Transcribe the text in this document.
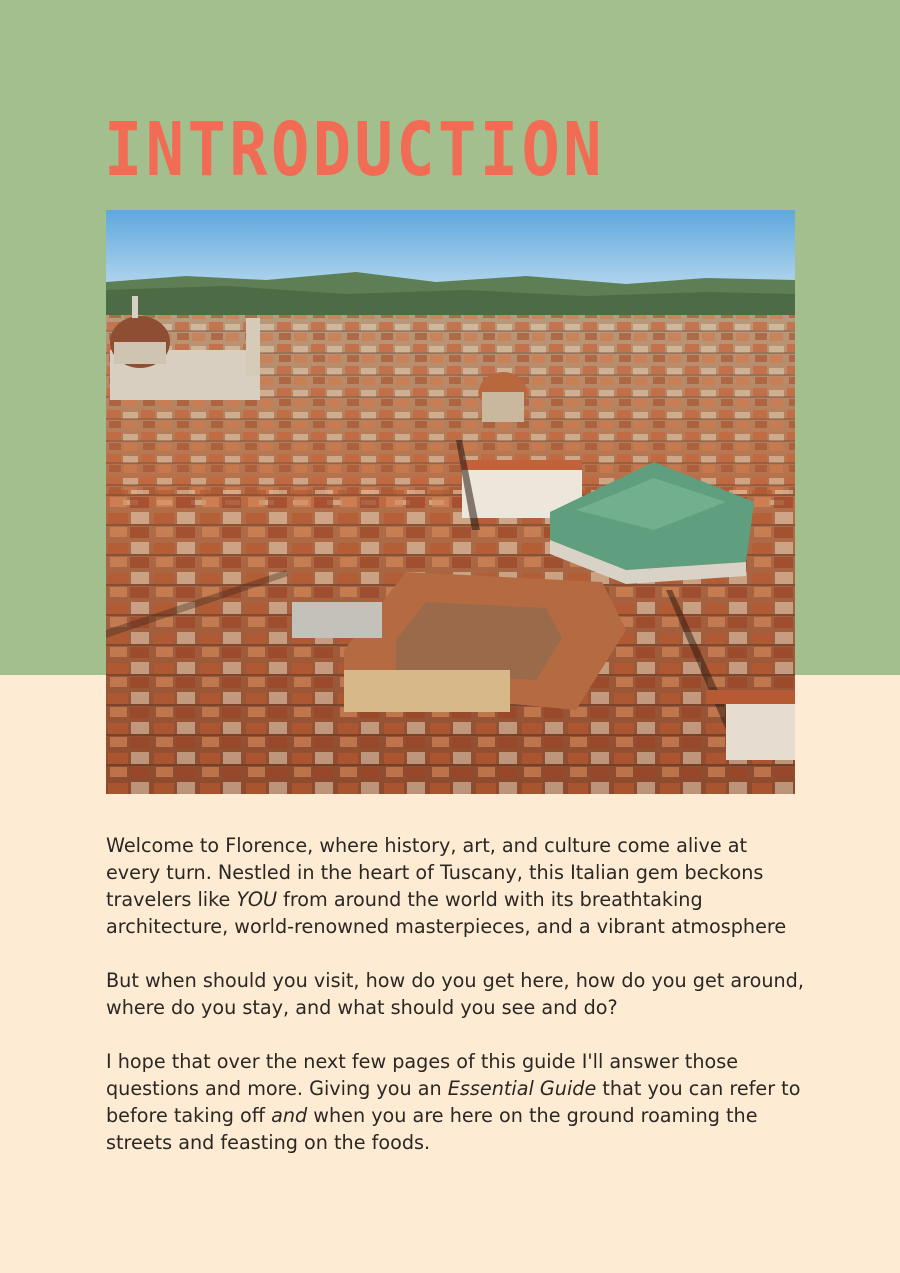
INTRODUCTION

Welcome to Florence, where history, art, and culture come alive at every turn. Nestled in the heart of Tuscany, this Italian gem beckons travelers like YOU from around the world with its breathtaking architecture, world-renowned masterpieces, and a vibrant atmosphere

But when should you visit, how do you get here, how do you get around, where do you stay, and what should you see and do?

I hope that over the next few pages of this guide I'll answer those questions and more. Giving you an Essential Guide that you can refer to before taking off and when you are here on the ground roaming the streets and feasting on the foods.
